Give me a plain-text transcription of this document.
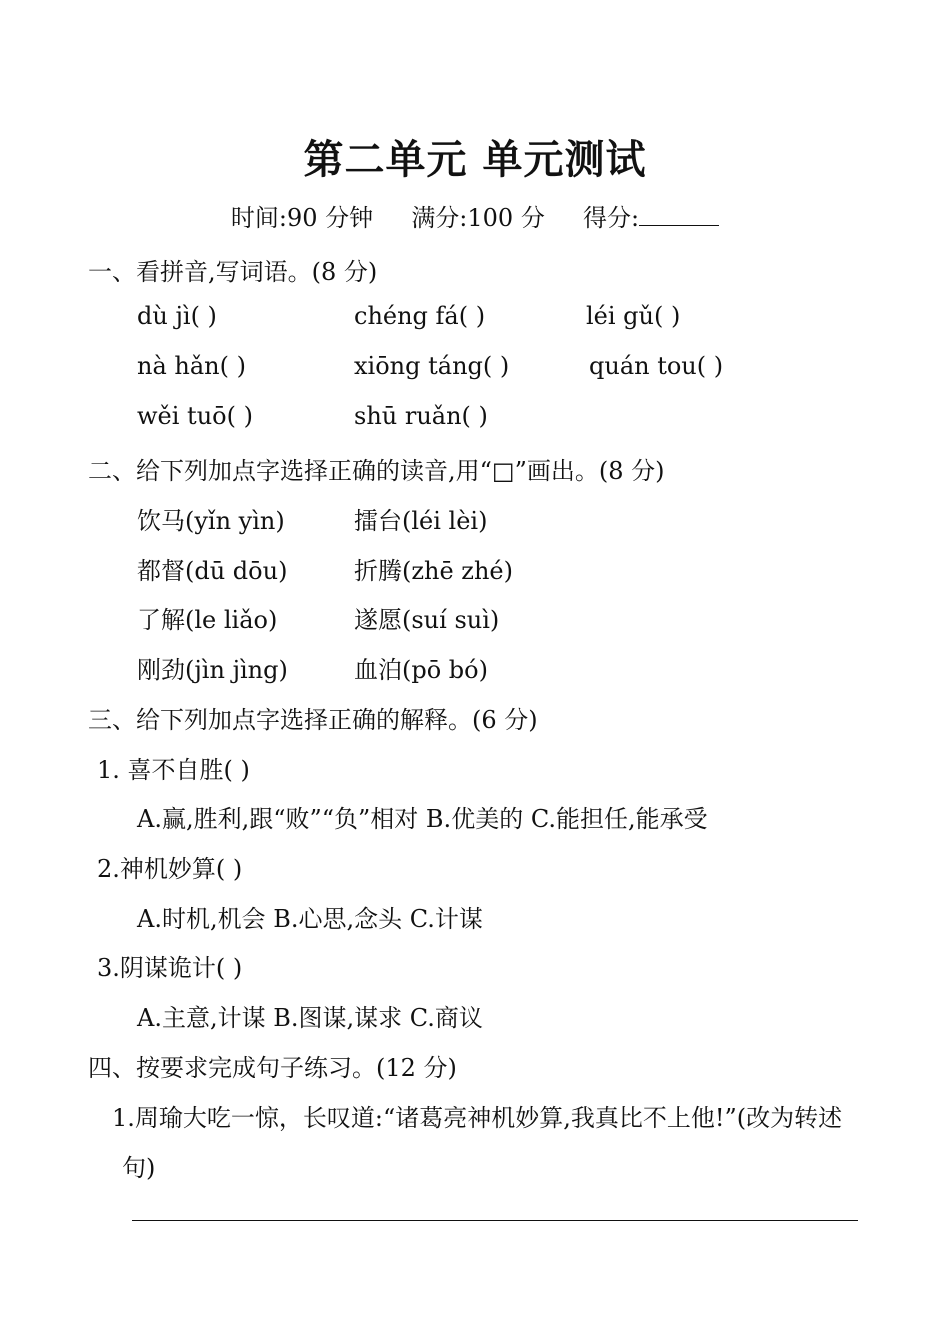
第二单元 单元测试
时间:90 分钟 满分:100 分 得分:
一、看拼音,写词语。(8 分)
dù jì( )	chéng fá( )	léi gǔ( )
nà hǎn( )	xiōng táng( )	quán tou( )
wěi tuō( )	shū ruǎn( )
二、给下列加点字选择正确的读音,用“□”画出。(8 分)
饮马(yǐn yìn)	擂台(léi lèi)
都督(dū dōu)	折腾(zhē zhé)
了解(le liǎo)	遂愿(suí suì)
刚劲(jìn jìng)	血泊(pō bó)
三、给下列加点字选择正确的解释。(6 分)
1. 喜不自胜( )
A.赢,胜利,跟“败”“负”相对 B.优美的 C.能担任,能承受
2.神机妙算( )
A.时机,机会 B.心思,念头 C.计谋
3.阴谋诡计( )
A.主意,计谋 B.图谋,谋求 C.商议
四、按要求完成句子练习。(12 分)
1.周瑜大吃一惊，长叹道:“诸葛亮神机妙算,我真比不上他!”(改为转述
句)
